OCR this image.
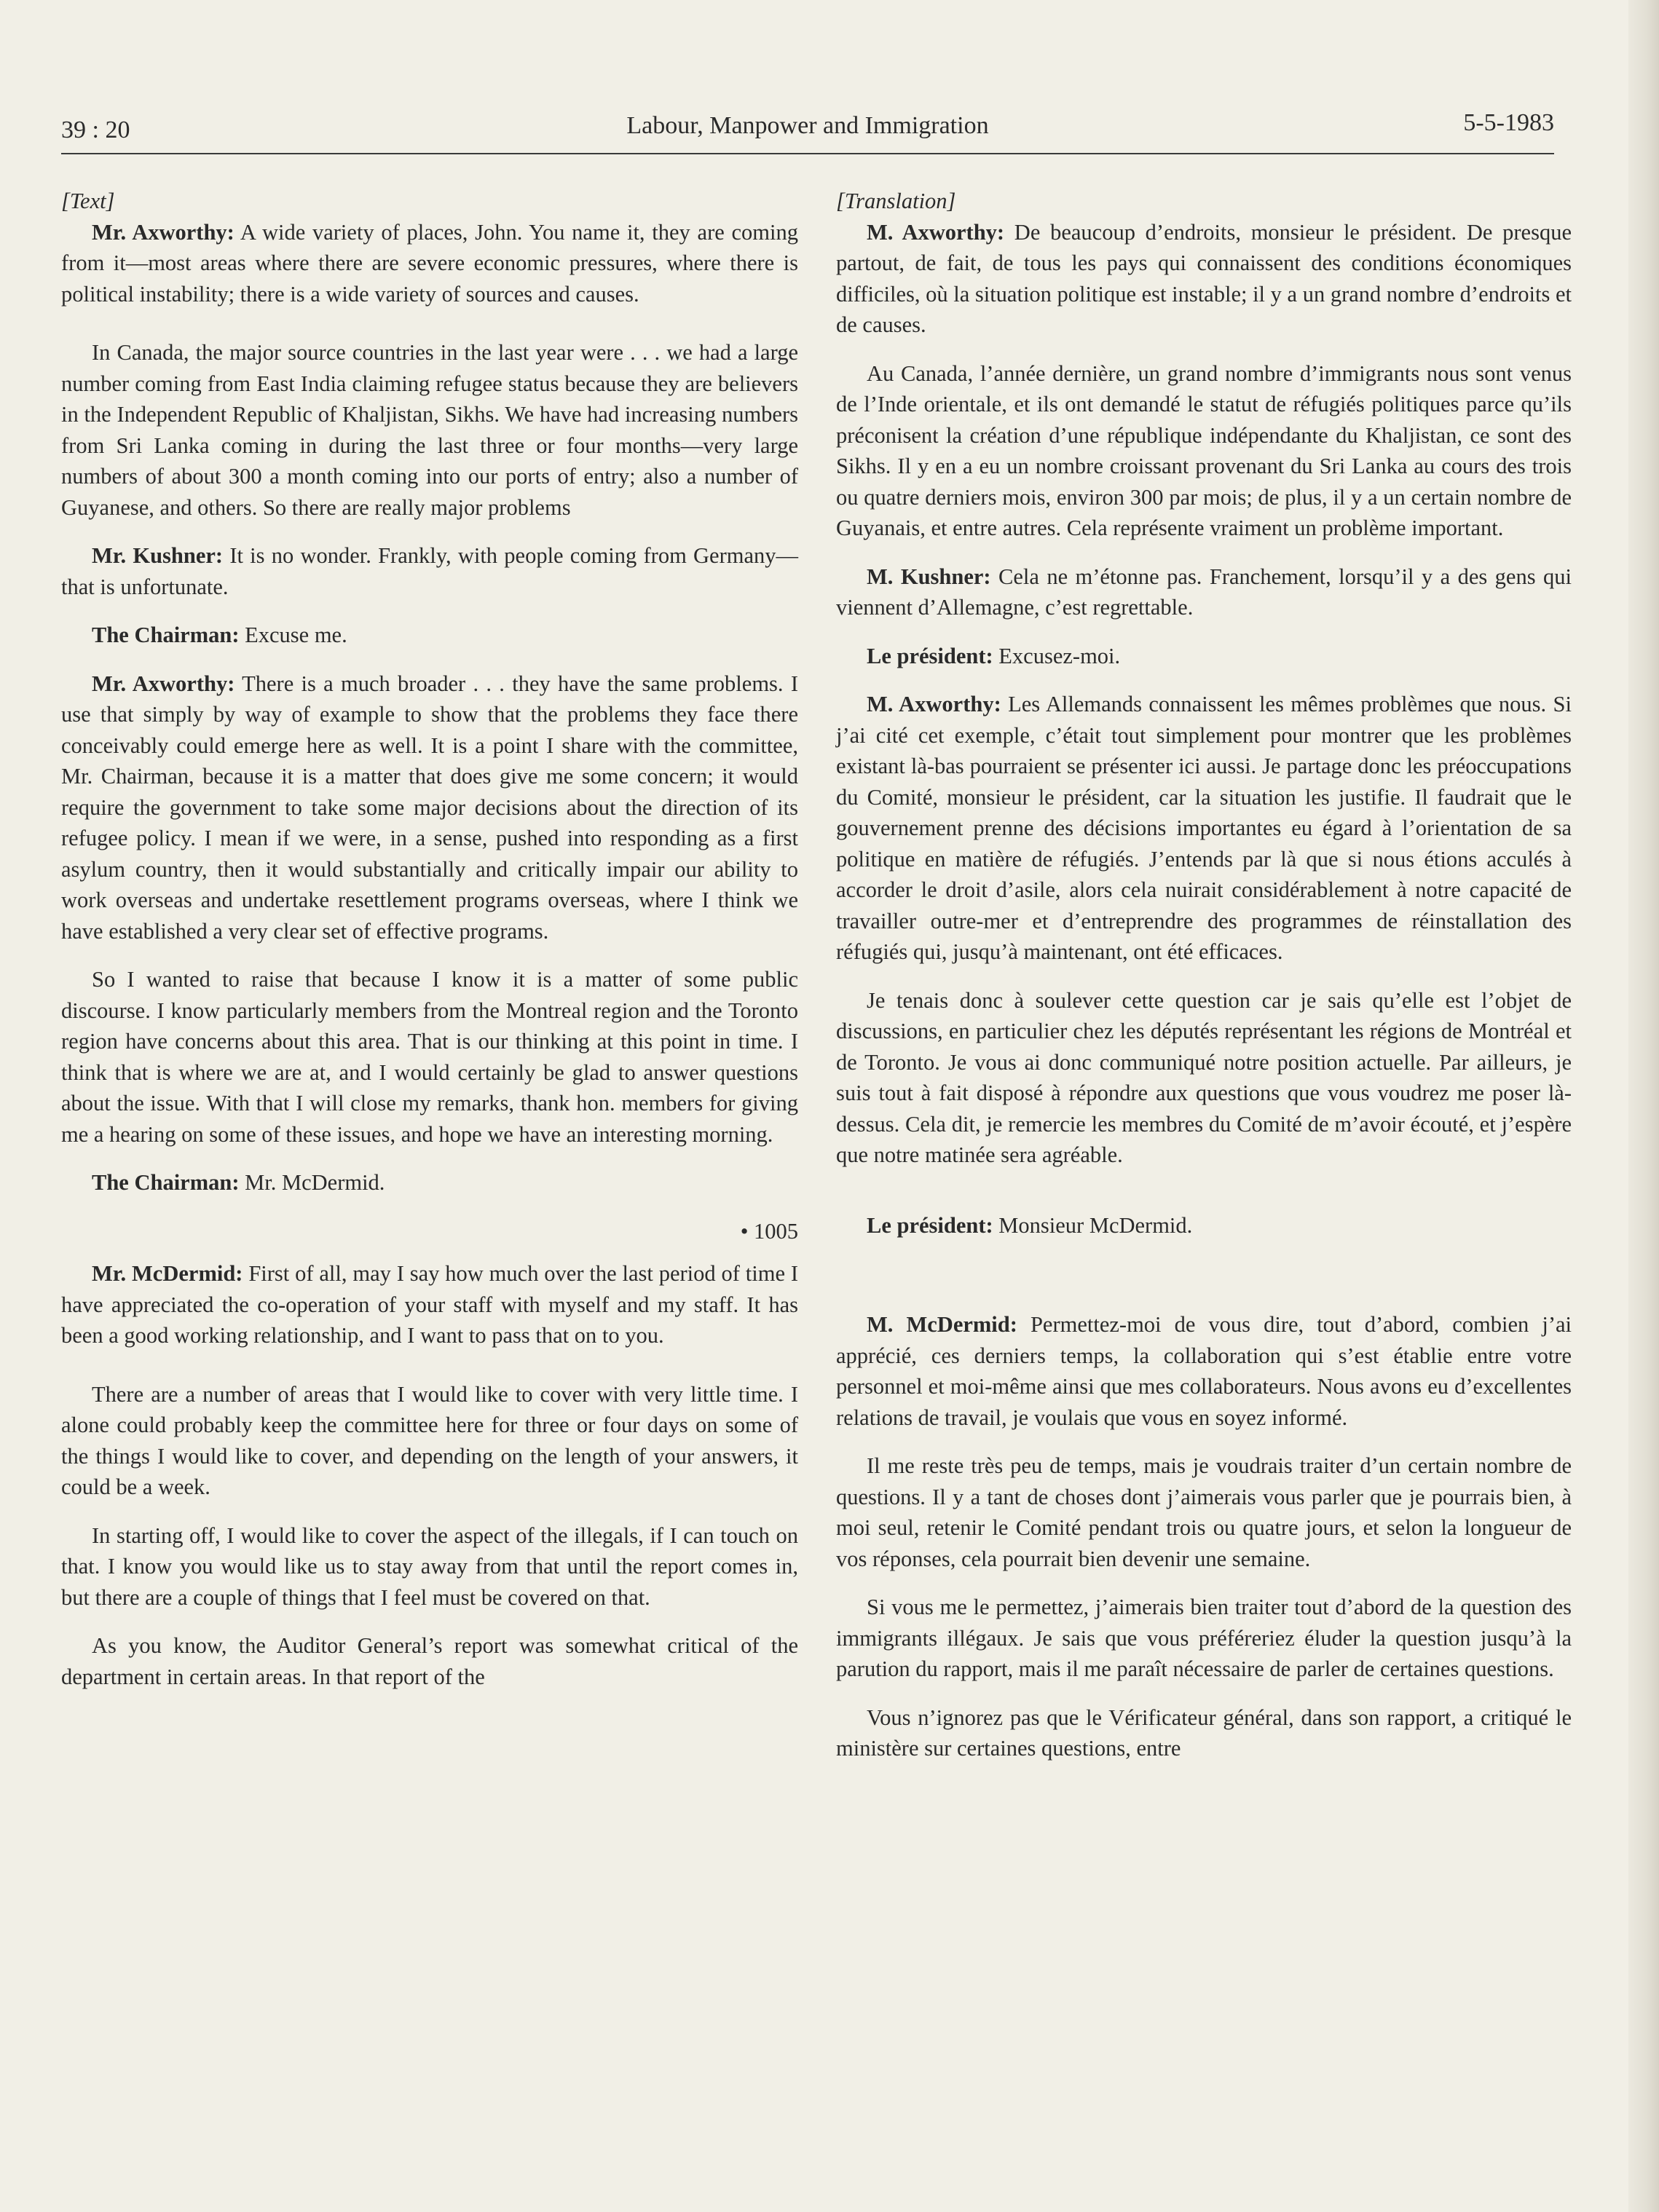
39 : 20	Labour, Manpower and Immigration	5-5-1983

[Text]

Mr. Axworthy: A wide variety of places, John. You name it, they are coming from it—most areas where there are severe economic pressures, where there is political instability; there is a wide variety of sources and causes.

In Canada, the major source countries in the last year were . . . we had a large number coming from East India claiming refugee status because they are believers in the Independent Republic of Khaljistan, Sikhs. We have had increasing numbers from Sri Lanka coming in during the last three or four months—very large numbers of about 300 a month coming into our ports of entry; also a number of Guyanese, and others. So there are really major problems

Mr. Kushner: It is no wonder. Frankly, with people coming from Germany—that is unfortunate.

The Chairman: Excuse me.

Mr. Axworthy: There is a much broader . . . they have the same problems. I use that simply by way of example to show that the problems they face there conceivably could emerge here as well. It is a point I share with the committee, Mr. Chairman, because it is a matter that does give me some concern; it would require the government to take some major decisions about the direction of its refugee policy. I mean if we were, in a sense, pushed into responding as a first asylum country, then it would substantially and critically impair our ability to work overseas and undertake resettlement programs overseas, where I think we have established a very clear set of effective programs.

So I wanted to raise that because I know it is a matter of some public discourse. I know particularly members from the Montreal region and the Toronto region have concerns about this area. That is our thinking at this point in time. I think that is where we are at, and I would certainly be glad to answer questions about the issue. With that I will close my remarks, thank hon. members for giving me a hearing on some of these issues, and hope we have an interesting morning.

The Chairman: Mr. McDermid.

• 1005

Mr. McDermid: First of all, may I say how much over the last period of time I have appreciated the co-operation of your staff with myself and my staff. It has been a good working relationship, and I want to pass that on to you.

There are a number of areas that I would like to cover with very little time. I alone could probably keep the committee here for three or four days on some of the things I would like to cover, and depending on the length of your answers, it could be a week.

In starting off, I would like to cover the aspect of the illegals, if I can touch on that. I know you would like us to stay away from that until the report comes in, but there are a couple of things that I feel must be covered on that.

As you know, the Auditor General’s report was somewhat critical of the department in certain areas. In that report of the

[Translation]

M. Axworthy: De beaucoup d’endroits, monsieur le président. De presque partout, de fait, de tous les pays qui connaissent des conditions économiques difficiles, où la situation politique est instable; il y a un grand nombre d’endroits et de causes.

Au Canada, l’année dernière, un grand nombre d’immigrants nous sont venus de l’Inde orientale, et ils ont demandé le statut de réfugiés politiques parce qu’ils préconisent la création d’une république indépendante du Khaljistan, ce sont des Sikhs. Il y en a eu un nombre croissant provenant du Sri Lanka au cours des trois ou quatre derniers mois, environ 300 par mois; de plus, il y a un certain nombre de Guyanais, et entre autres. Cela représente vraiment un problème important.

M. Kushner: Cela ne m’étonne pas. Franchement, lorsqu’il y a des gens qui viennent d’Allemagne, c’est regrettable.

Le président: Excusez-moi.

M. Axworthy: Les Allemands connaissent les mêmes problèmes que nous. Si j’ai cité cet exemple, c’était tout simplement pour montrer que les problèmes existant là-bas pourraient se présenter ici aussi. Je partage donc les préoccupations du Comité, monsieur le président, car la situation les justifie. Il faudrait que le gouvernement prenne des décisions importantes eu égard à l’orientation de sa politique en matière de réfugiés. J’entends par là que si nous étions acculés à accorder le droit d’asile, alors cela nuirait considérablement à notre capacité de travailler outre-mer et d’entreprendre des programmes de réinstallation des réfugiés qui, jusqu’à maintenant, ont été efficaces.

Je tenais donc à soulever cette question car je sais qu’elle est l’objet de discussions, en particulier chez les députés représentant les régions de Montréal et de Toronto. Je vous ai donc communiqué notre position actuelle. Par ailleurs, je suis tout à fait disposé à répondre aux questions que vous voudrez me poser là-dessus. Cela dit, je remercie les membres du Comité de m’avoir écouté, et j’espère que notre matinée sera agréable.

Le président: Monsieur McDermid.

M. McDermid: Permettez-moi de vous dire, tout d’abord, combien j’ai apprécié, ces derniers temps, la collaboration qui s’est établie entre votre personnel et moi-même ainsi que mes collaborateurs. Nous avons eu d’excellentes relations de travail, je voulais que vous en soyez informé.

Il me reste très peu de temps, mais je voudrais traiter d’un certain nombre de questions. Il y a tant de choses dont j’aimerais vous parler que je pourrais bien, à moi seul, retenir le Comité pendant trois ou quatre jours, et selon la longueur de vos réponses, cela pourrait bien devenir une semaine.

Si vous me le permettez, j’aimerais bien traiter tout d’abord de la question des immigrants illégaux. Je sais que vous préféreriez éluder la question jusqu’à la parution du rapport, mais il me paraît nécessaire de parler de certaines questions.

Vous n’ignorez pas que le Vérificateur général, dans son rapport, a critiqué le ministère sur certaines questions, entre
